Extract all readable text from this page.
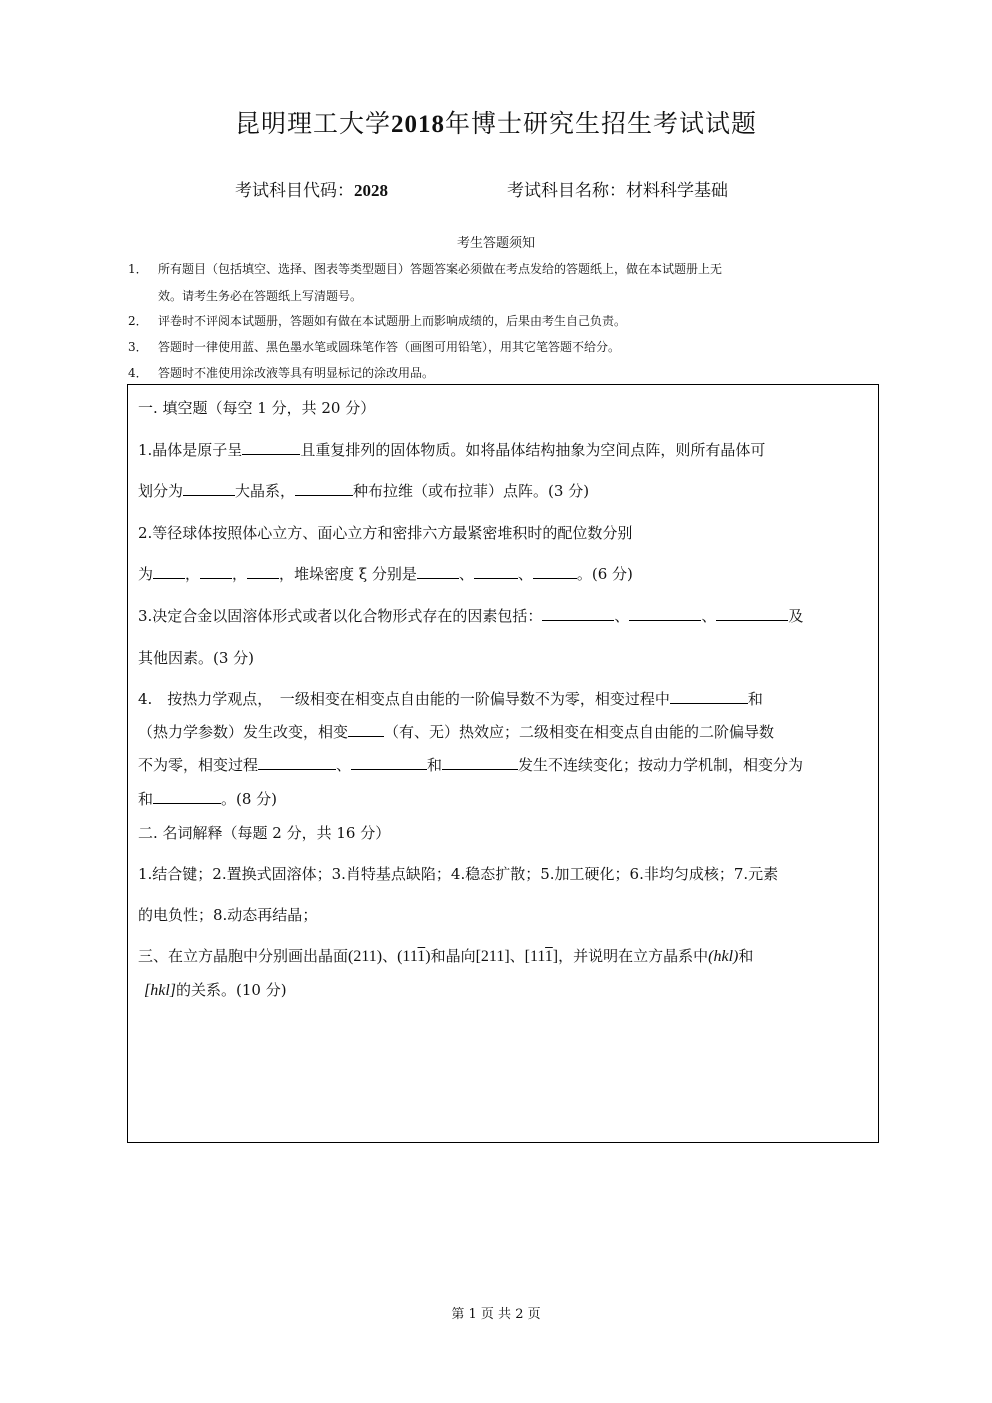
昆明理工大学2018年博士研究生招生考试试题
考试科目代码：2028	考试科目名称：材料科学基础
考生答题须知
1． 所有题目（包括填空、选择、图表等类型题目）答题答案必须做在考点发给的答题纸上，做在本试题册上无
效。请考生务必在答题纸上写清题号。
2． 评卷时不评阅本试题册，答题如有做在本试题册上而影响成绩的，后果由考生自己负责。
3． 答题时一律使用蓝、黑色墨水笔或圆珠笔作答（画图可用铅笔），用其它笔答题不给分。
4． 答题时不准使用涂改液等具有明显标记的涂改用品。
一. 填空题（每空 1 分，共 20 分）
1.晶体是原子呈	且重复排列的固体物质。如将晶体结构抽象为空间点阵，则所有晶体可
划分为	大晶系，	种布拉维（或布拉菲）点阵。(3 分)
2.等径球体按照体心立方、面心立方和密排六方最紧密堆积时的配位数分别
为 ， ， ，堆垛密度 ξ 分别是	、	、	。(6 分)
3.决定合金以固溶体形式或者以化合物形式存在的因素包括：	、	、	及
其他因素。(3 分)
4.　按热力学观点，　一级相变在相变点自由能的一阶偏导数不为零，相变过程中	和
（热力学参数）发生改变，相变 （有、无）热效应；二级相变在相变点自由能的二阶偏导数
不为零，相变过程	、	和	发生不连续变化；按动力学机制，相变分为
和	。(8 分)
二. 名词解释（每题 2 分，共 16 分）
1.结合键；2.置换式固溶体；3.肖特基点缺陷；4.稳态扩散；5.加工硬化；6.非均匀成核；7.元素
的电负性；8.动态再结晶；
三、在立方晶胞中分别画出晶面(211)、(111)和晶向[211]、[111]，并说明在立方晶系中(hkl)和
[hkl]的关系。(10 分)
第 1 页 共 2 页
